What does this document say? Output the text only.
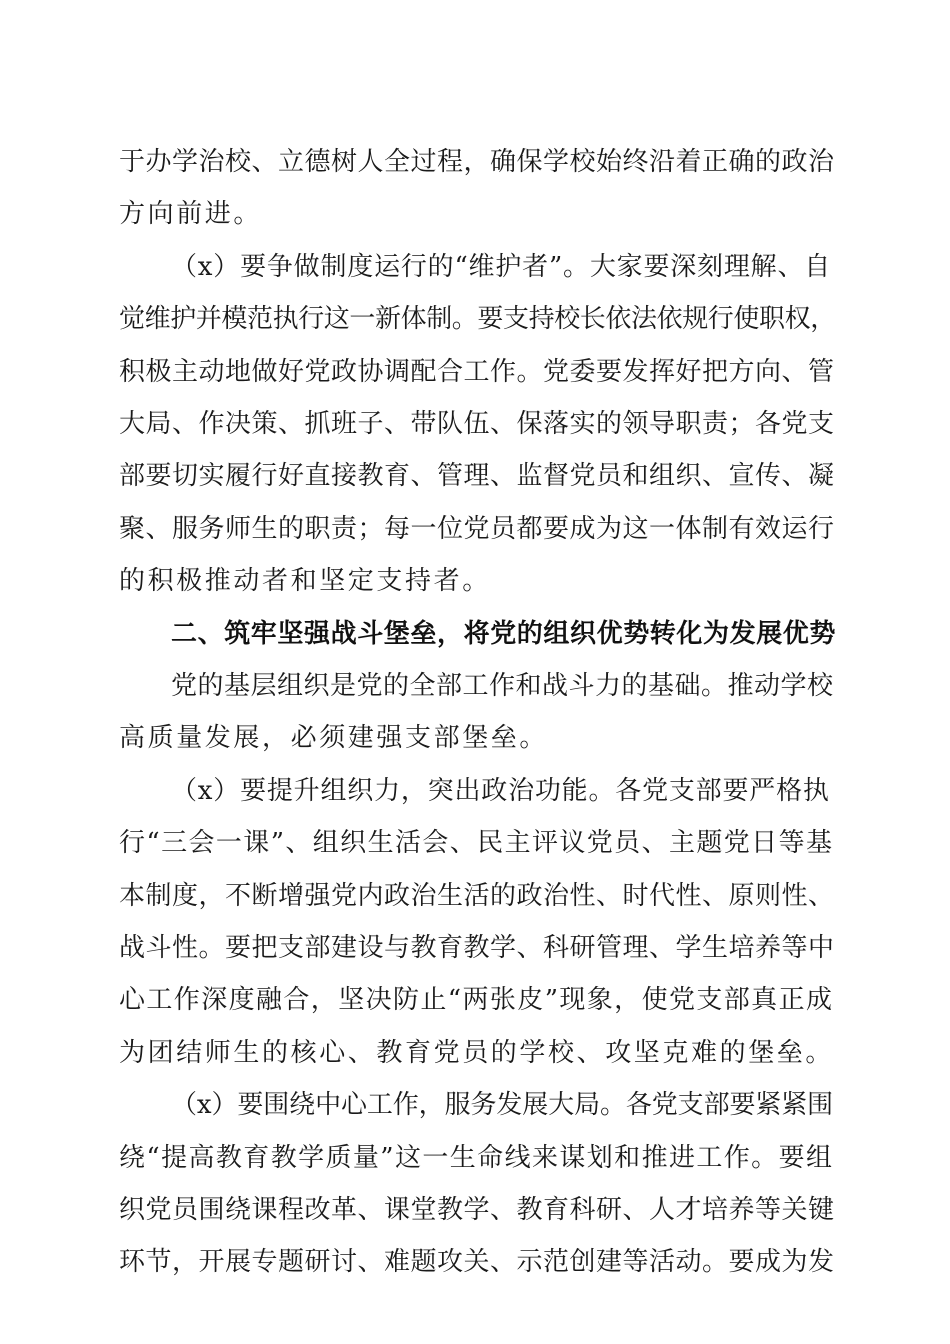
于办学治校、立德树人全过程，确保学校始终沿着正确的政治
方向前进。
（x）要争做制度运行的“维护者”。大家要深刻理解、自
觉维护并模范执行这一新体制。要支持校长依法依规行使职权，
积极主动地做好党政协调配合工作。党委要发挥好把方向、管
大局、作决策、抓班子、带队伍、保落实的领导职责；各党支
部要切实履行好直接教育、管理、监督党员和组织、宣传、凝
聚、服务师生的职责；每一位党员都要成为这一体制有效运行
的积极推动者和坚定支持者。
二、筑牢坚强战斗堡垒，将党的组织优势转化为发展优势
党的基层组织是党的全部工作和战斗力的基础。推动学校
高质量发展，必须建强支部堡垒。
（x）要提升组织力，突出政治功能。各党支部要严格执
行“三会一课”、组织生活会、民主评议党员、主题党日等基
本制度，不断增强党内政治生活的政治性、时代性、原则性、
战斗性。要把支部建设与教育教学、科研管理、学生培养等中
心工作深度融合，坚决防止“两张皮”现象，使党支部真正成
为团结师生的核心、教育党员的学校、攻坚克难的堡垒。
（x）要围绕中心工作，服务发展大局。各党支部要紧紧围
绕“提高教育教学质量”这一生命线来谋划和推进工作。要组
织党员围绕课程改革、课堂教学、教育科研、人才培养等关键
环节，开展专题研讨、难题攻关、示范创建等活动。要成为发
